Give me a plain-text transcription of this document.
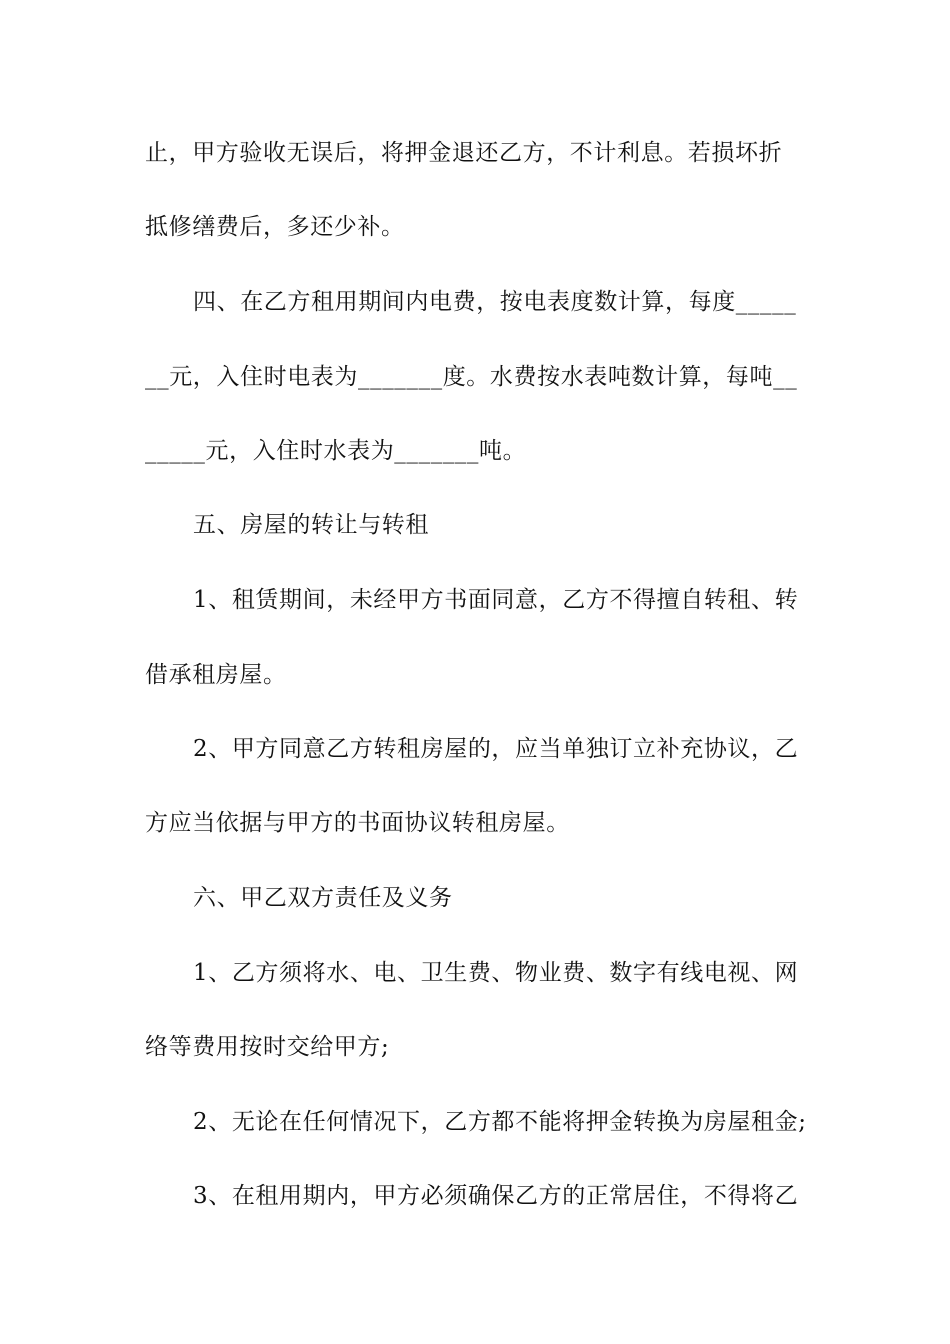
止，甲方验收无误后，将押金退还乙方，不计利息。若损坏折
抵修缮费后，多还少补。
四、在乙方租用期间内电费，按电表度数计算，每度_____
__元，入住时电表为_______度。水费按水表吨数计算，每吨__
_____元，入住时水表为_______吨。
五、房屋的转让与转租
1、租赁期间，未经甲方书面同意，乙方不得擅自转租、转
借承租房屋。
2、甲方同意乙方转租房屋的，应当单独订立补充协议，乙
方应当依据与甲方的书面协议转租房屋。
六、甲乙双方责任及义务
1、乙方须将水、电、卫生费、物业费、数字有线电视、网
络等费用按时交给甲方;
2、无论在任何情况下，乙方都不能将押金转换为房屋租金;
3、在租用期内，甲方必须确保乙方的正常居住，不得将乙
